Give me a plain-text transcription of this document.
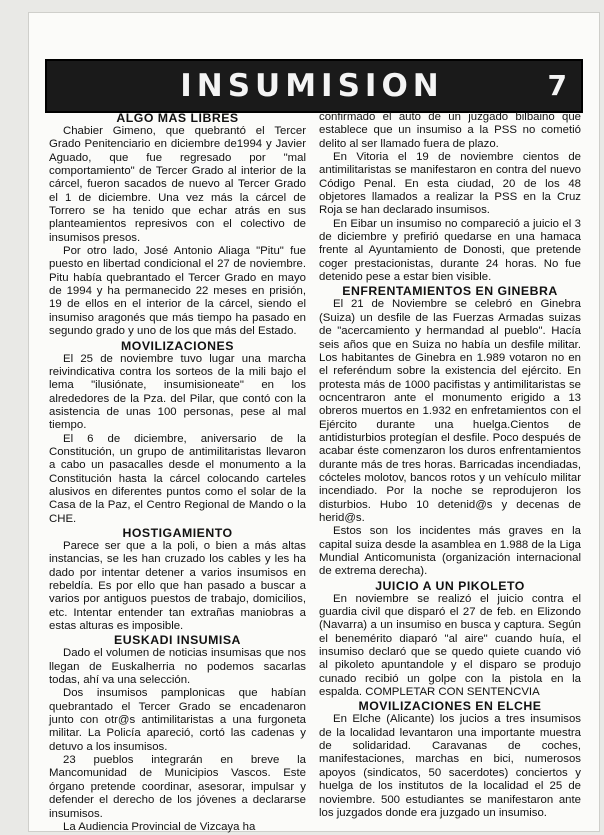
INSUMISION	7
ALGO MAS LIBRES

Chabier Gimeno, que quebrantó el Tercer Grado Penitenciario en diciembre de1994 y Javier Aguado, que fue regresado por "mal comportamiento" de Tercer Grado al interior de la cárcel, fueron sacados de nuevo al Tercer Grado el 1 de diciembre. Una vez más la cárcel de Torrero se ha tenido que echar atrás en sus planteamientos represivos con el colectivo de insumisos presos.

Por otro lado, José Antonio Aliaga "Pitu" fue puesto en libertad condicional el 27 de noviembre. Pitu había quebrantado el Tercer Grado en mayo de 1994 y ha permanecido 22 meses en prisión, 19 de ellos en el interior de la cárcel, siendo el insumiso aragonés que más tiempo ha pasado en segundo grado y uno de los que más del Estado.

MOVILIZACIONES

El 25 de noviembre tuvo lugar una marcha reivindicativa contra los sorteos de la mili bajo el lema "ilusiónate, insumisioneate" en los alrededores de la Pza. del Pilar, que contó con la asistencia de unas 100 personas, pese al mal tiempo.

El 6 de diciembre, aniversario de la Constitución, un grupo de antimilitaristas llevaron a cabo un pasacalles desde el monumento a la Constitución hasta la cárcel colocando carteles alusivos en diferentes puntos como el solar de la Casa de la Paz, el Centro Regional de Mando o la CHE.

HOSTIGAMIENTO

Parece ser que a la poli, o bien a más altas instancias, se les han cruzado los cables y les ha dado por intentar detener a varios insumisos en rebeldía. Es por ello que han pasado a buscar a varios por antiguos puestos de trabajo, domicilios, etc. Intentar entender tan extrañas maniobras a estas alturas es imposible.

EUSKADI INSUMISA

Dado el volumen de noticias insumisas que nos llegan de Euskalherria no podemos sacarlas todas, ahí va una selección.

Dos insumisos pamplonicas que habían quebrantado el Tercer Grado se encadenaron junto con otr@s antimilitaristas a una furgoneta militar. La Policía apareció, cortó las cadenas y detuvo a los insumisos.

23 pueblos integrarán en breve la Mancomunidad de Municipios Vascos. Este órgano pretende coordinar, asesorar, impulsar y defender el derecho de los jóvenes a declararse insumisos.

La Audiencia Provincial de Vizcaya ha

confirmado el auto de un juzgado bilbaino que establece que un insumiso a la PSS no cometió delito al ser llamado fuera de plazo.

En Vitoria el 19 de noviembre cientos de antimilitaristas se manifestaron en contra del nuevo Código Penal. En esta ciudad, 20 de los 48 objetores llamados a realizar la PSS en la Cruz Roja se han declarado insumisos.

En Eibar un insumiso no compareció a juicio el 3 de diciembre y prefirió quedarse en una hamaca frente al Ayuntamiento de Donosti, que pretende coger prestacionistas, durante 24 horas. No fue detenido pese a estar bien visible.

ENFRENTAMIENTOS EN GINEBRA

El 21 de Noviembre se celebró en Ginebra (Suiza) un desfile de las Fuerzas Armadas suizas de "acercamiento y hermandad al pueblo". Hacía seis años que en Suiza no había un desfile militar. Los habitantes de Ginebra en 1.989 votaron no en el referéndum sobre la existencia del ejército. En protesta más de 1000 pacifistas y antimilitaristas se ocncentraron ante el monumento erigido a 13 obreros muertos en 1.932 en enfretamientos con el Ejército durante una huelga.Cientos de antidisturbios protegían el desfile. Poco después de acabar éste comenzaron los duros enfrentamientos durante más de tres horas. Barricadas incendiadas, cócteles molotov, bancos rotos y un vehículo militar incendiado. Por la noche se reprodujeron los disturbios. Hubo 10 detenid@s y decenas de herid@s.

Estos son los incidentes más graves en la capital suiza desde la asamblea en 1.988 de la Liga Mundial Anticomunista (organización internacional de extrema derecha).

JUICIO A UN PIKOLETO

En noviembre se realizó el juicio contra el guardia civil que disparó el 27 de feb. en Elizondo (Navarra) a un insumiso en busca y captura. Según el benemérito diaparó "al aire" cuando huía, el insumiso declaró que se quedo quiete cuando vió al pikoleto apuntandole y el disparo se produjo cunado recibió un golpe con la pistola en la espalda. COMPLETAR CON SENTENCVIA

MOVILIZACIONES EN ELCHE

En Elche (Alicante) los jucios a tres insumisos de la localidad levantaron una importante muestra de solidaridad. Caravanas de coches, manifestaciones, marchas en bici, numerosos apoyos (sindicatos, 50 sacerdotes) conciertos y huelga de los institutos de la localidad el 25 de noviembre. 500 estudiantes se manifestaron ante los juzgados donde era juzgado un insumiso.
